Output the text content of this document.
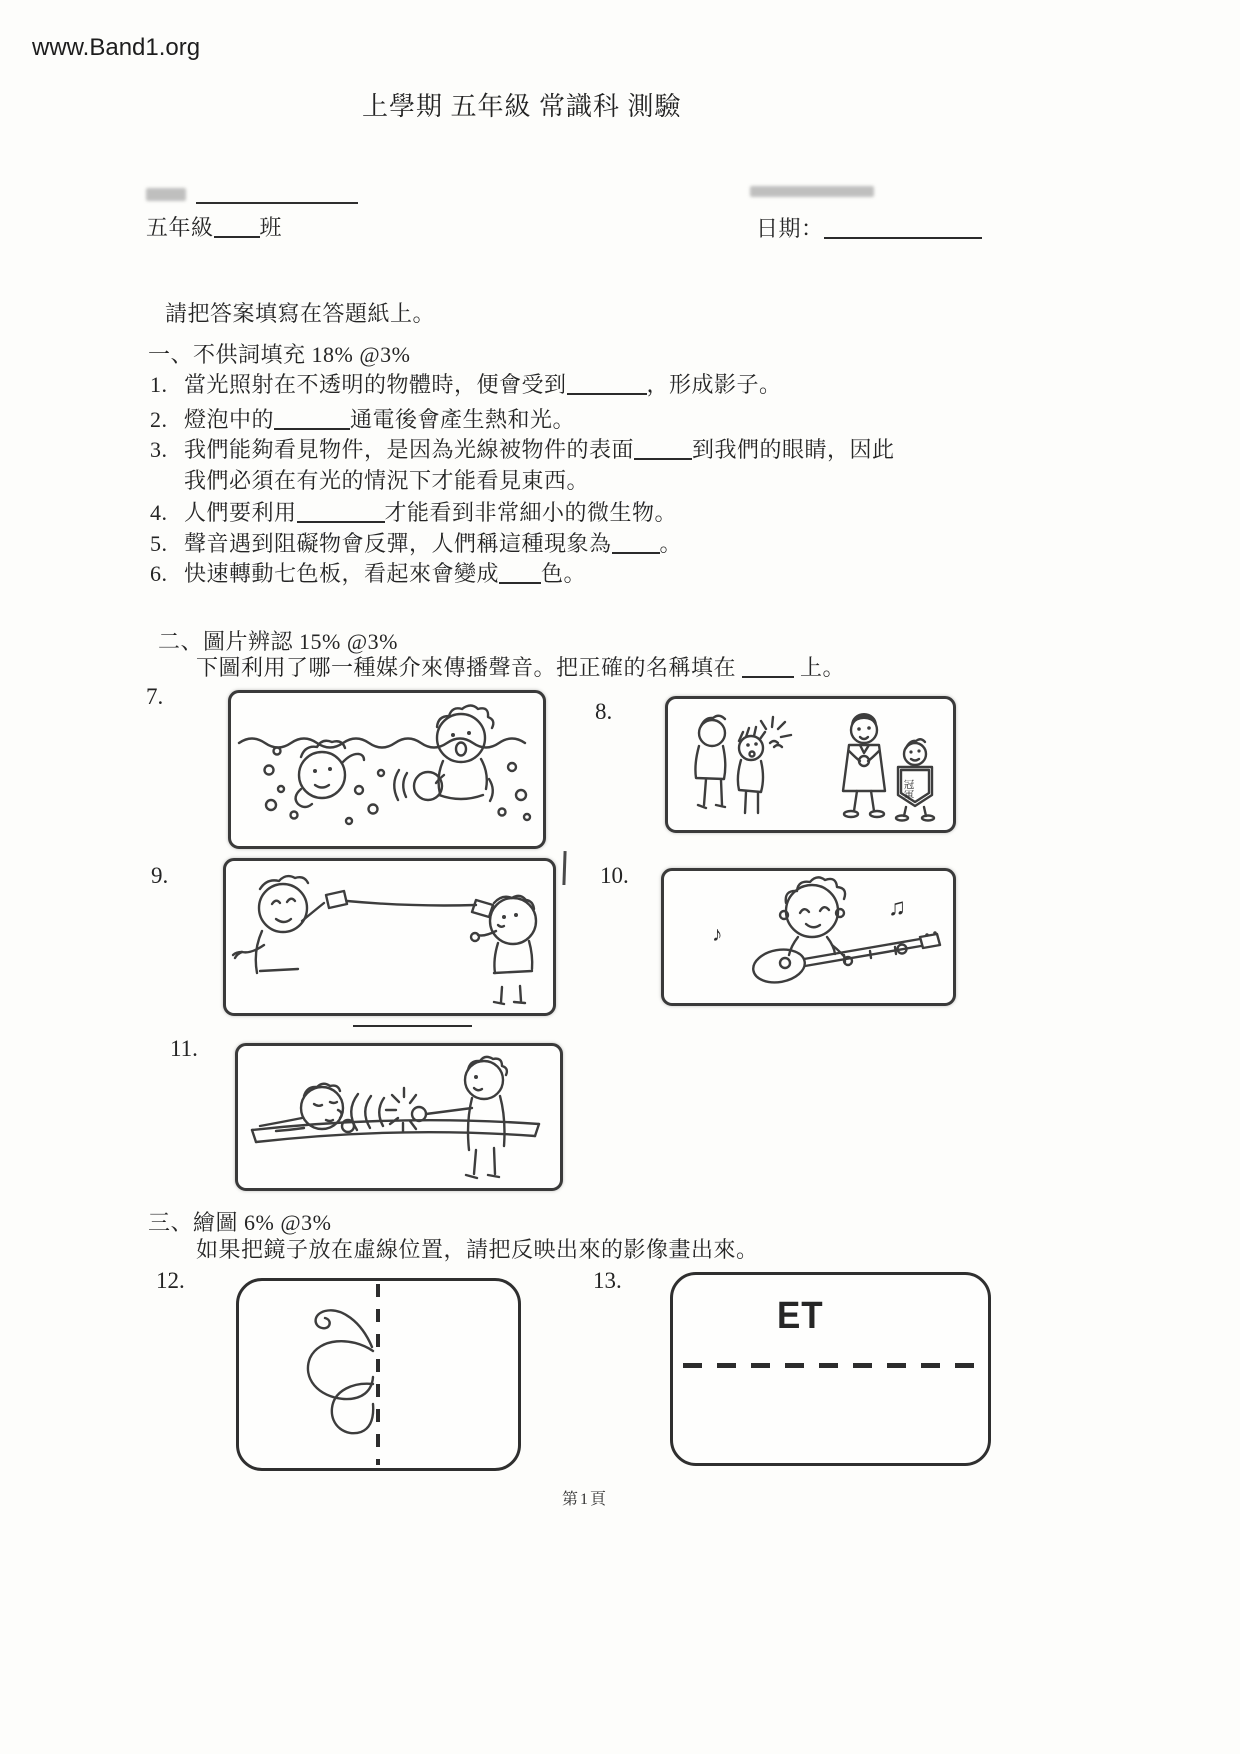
www.Band1.org
上學期 五年級 常識科 測驗
五年級 班	日期：
請把答案填寫在答題紙上。
一、不供詞填充 18% @3%
1. 當光照射在不透明的物體時，便會受到	，形成影子。
2. 燈泡中的	通電後會產生熱和光。
3. 我們能夠看見物件，是因為光線被物件的表面	到我們的眼睛，因此
我們必須在有光的情況下才能看見東西。
4. 人們要利用	才能看到非常細小的微生物。
5. 聲音遇到阻礙物會反彈，人們稱這種現象為 。
6. 快速轉動七色板，看起來會變成 色。
二、圖片辨認 15% @3%
下圖利用了哪一種媒介來傳播聲音。把正確的名稱填在	上。
7.
8.
冠軍
9.	10.
♪
♫
11.
三、繪圖 6% @3%
如果把鏡子放在虛線位置，請把反映出來的影像畫出來。
12.	13.
ET
第1頁
